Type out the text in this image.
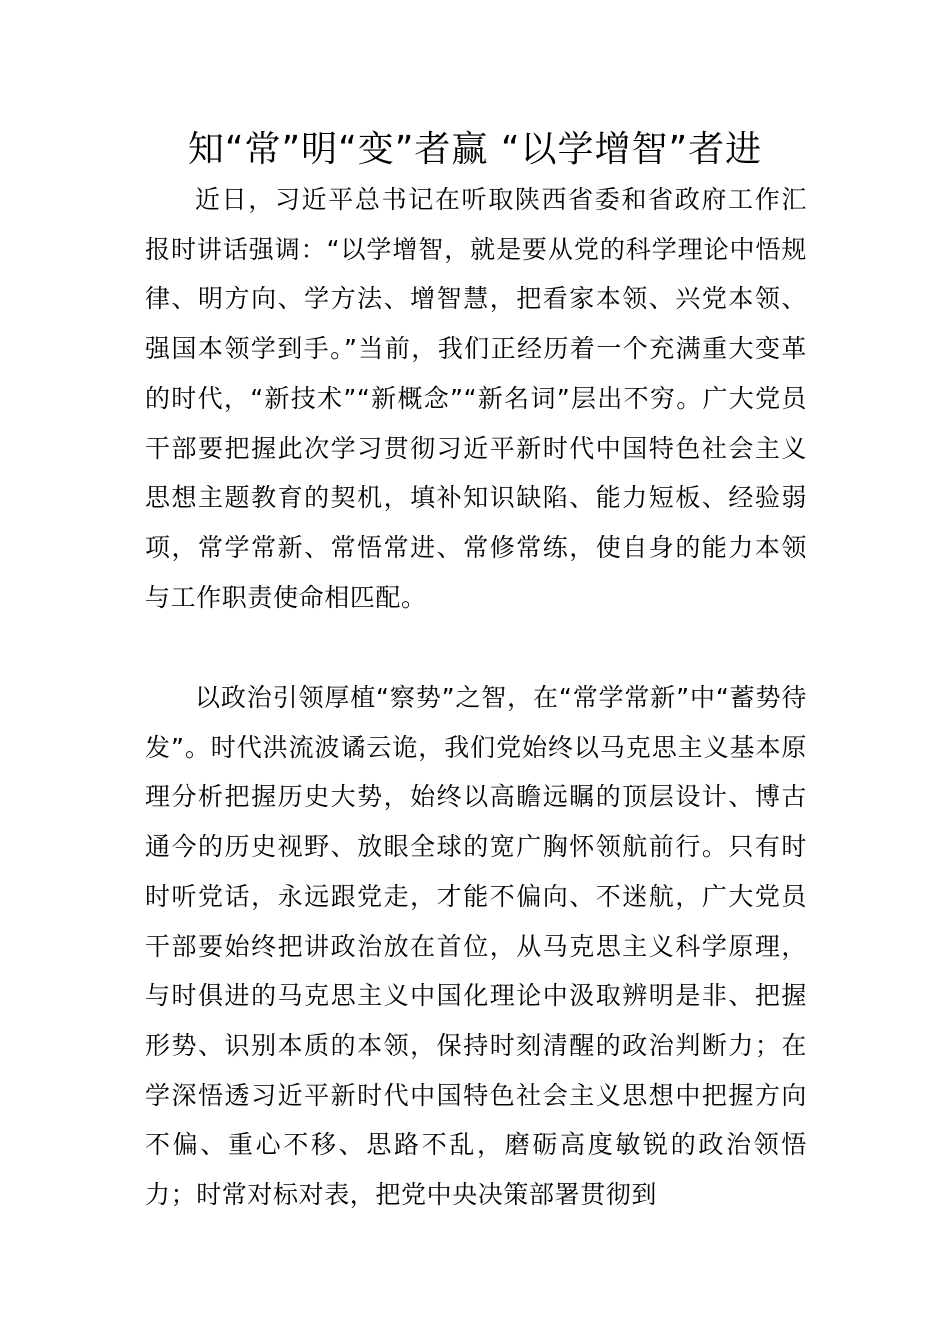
知“常”明“变”者赢 “以学增智”者进

近日，习近平总书记在听取陕西省委和省政府工作汇报时讲话强调：“以学增智，就是要从党的科学理论中悟规律、明方向、学方法、增智慧，把看家本领、兴党本领、强国本领学到手。”当前，我们正经历着一个充满重大变革的时代，“新技术”“新概念”“新名词”层出不穷。广大党员干部要把握此次学习贯彻习近平新时代中国特色社会主义思想主题教育的契机，填补知识缺陷、能力短板、经验弱项，常学常新、常悟常进、常修常练，使自身的能力本领与工作职责使命相匹配。

以政治引领厚植“察势”之智，在“常学常新”中“蓄势待发”。时代洪流波谲云诡，我们党始终以马克思主义基本原理分析把握历史大势，始终以高瞻远瞩的顶层设计、博古通今的历史视野、放眼全球的宽广胸怀领航前行。只有时时听党话，永远跟党走，才能不偏向、不迷航，广大党员干部要始终把讲政治放在首位，从马克思主义科学原理，与时俱进的马克思主义中国化理论中汲取辨明是非、把握形势、识别本质的本领，保持时刻清醒的政治判断力；在学深悟透习近平新时代中国特色社会主义思想中把握方向不偏、重心不移、思路不乱，磨砺高度敏锐的政治领悟力；时常对标对表，把党中央决策部署贯彻到
